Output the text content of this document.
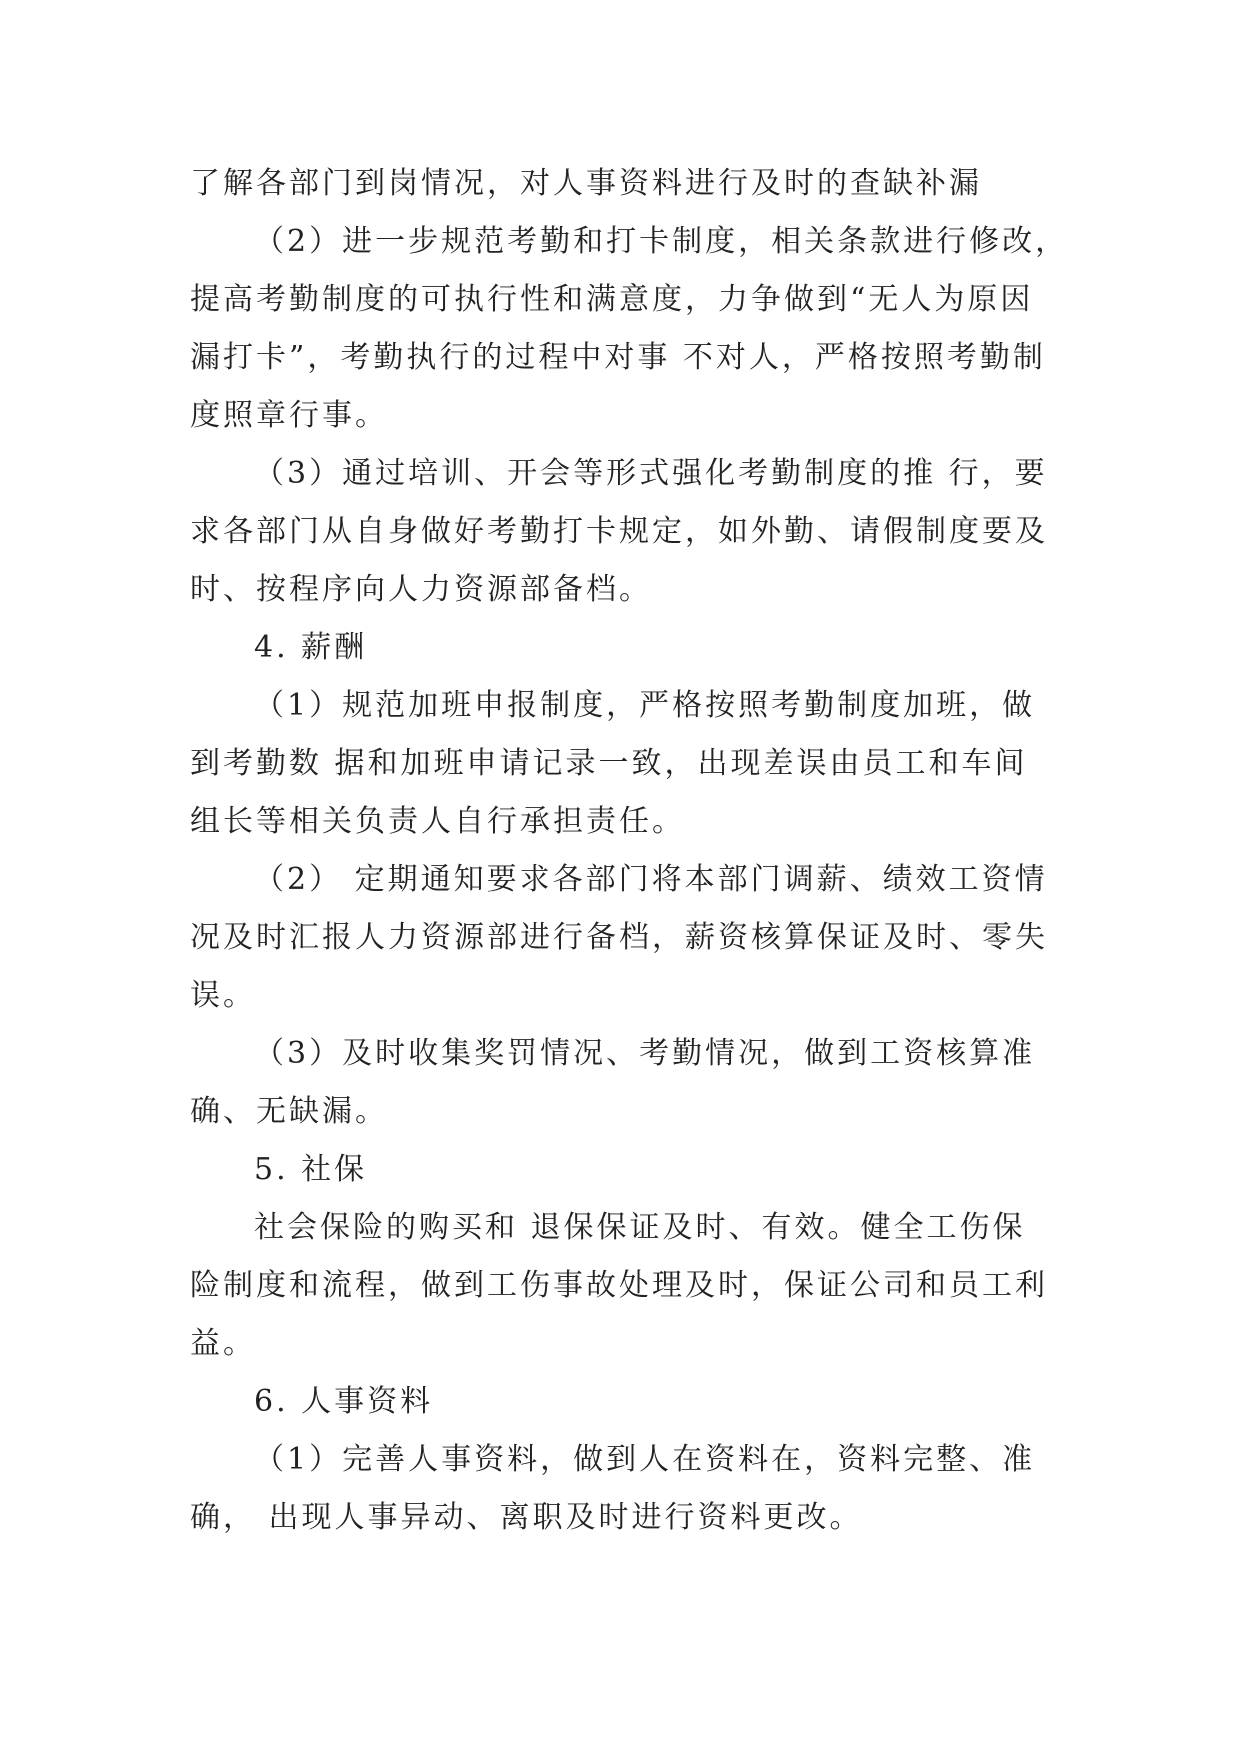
了解各部门到岗情况，对人事资料进行及时的查缺补漏
（2）进一步规范考勤和打卡制度，相关条款进行修改，
提高考勤制度的可执行性和满意度，力争做到“无人为原因
漏打卡”，考勤执行的过程中对事 不对人，严格按照考勤制
度照章行事。
（3）通过培训、开会等形式强化考勤制度的推 行，要
求各部门从自身做好考勤打卡规定，如外勤、请假制度要及
时、按程序向人力资源部备档。
4. 薪酬
（1）规范加班申报制度，严格按照考勤制度加班，做
到考勤数 据和加班申请记录一致，出现差误由员工和车间
组长等相关负责人自行承担责任。
（2） 定期通知要求各部门将本部门调薪、绩效工资情
况及时汇报人力资源部进行备档，薪资核算保证及时、零失
误。
（3）及时收集奖罚情况、考勤情况，做到工资核算准
确、无缺漏。
5. 社保
社会保险的购买和 退保保证及时、有效。健全工伤保
险制度和流程，做到工伤事故处理及时，保证公司和员工利
益。
6. 人事资料
（1）完善人事资料，做到人在资料在，资料完整、准
确， 出现人事异动、离职及时进行资料更改。
